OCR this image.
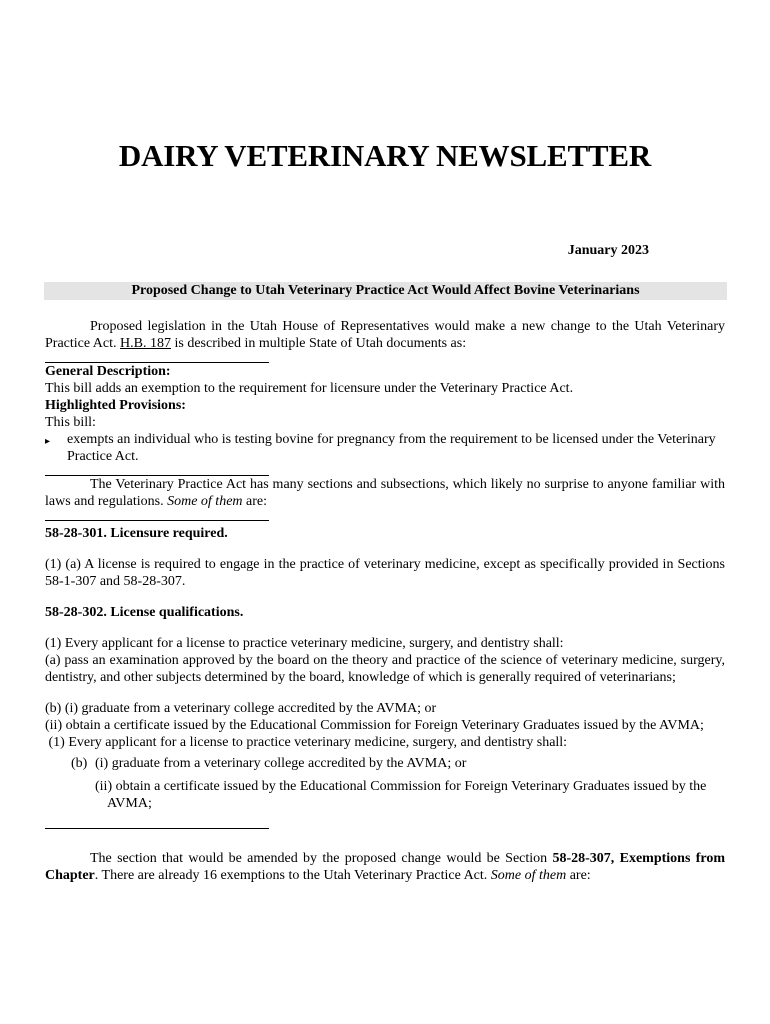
DAIRY VETERINARY NEWSLETTER
January 2023
Proposed Change to Utah Veterinary Practice Act Would Affect Bovine Veterinarians

Proposed legislation in the Utah House of Representatives would make a new change to the Utah Veterinary Practice Act. H.B. 187 is described in multiple State of Utah documents as:

General Description:

This bill adds an exemption to the requirement for licensure under the Veterinary Practice Act.

Highlighted Provisions:

This bill:

▸	exempts an individual who is testing bovine for pregnancy from the requirement to be licensed under the Veterinary Practice Act.

The Veterinary Practice Act has many sections and subsections, which likely no surprise to anyone familiar with laws and regulations. Some of them are:

58-28-301. Licensure required.

(1) (a) A license is required to engage in the practice of veterinary medicine, except as specifically provided in Sections 58-1-307 and 58-28-307.

58-28-302. License qualifications.

(1) Every applicant for a license to practice veterinary medicine, surgery, and dentistry shall:

(a) pass an examination approved by the board on the theory and practice of the science of veterinary medicine, surgery, dentistry, and other subjects determined by the board, knowledge of which is generally required of veterinarians;

(b) (i) graduate from a veterinary college accredited by the AVMA; or

(ii) obtain a certificate issued by the Educational Commission for Foreign Veterinary Graduates issued by the AVMA;

(1) Every applicant for a license to practice veterinary medicine, surgery, and dentistry shall:

(b) (i) graduate from a veterinary college accredited by the AVMA; or

(ii) obtain a certificate issued by the Educational Commission for Foreign Veterinary Graduates issued by the AVMA;

The section that would be amended by the proposed change would be Section 58-28-307, Exemptions from Chapter. There are already 16 exemptions to the Utah Veterinary Practice Act. Some of them are:
